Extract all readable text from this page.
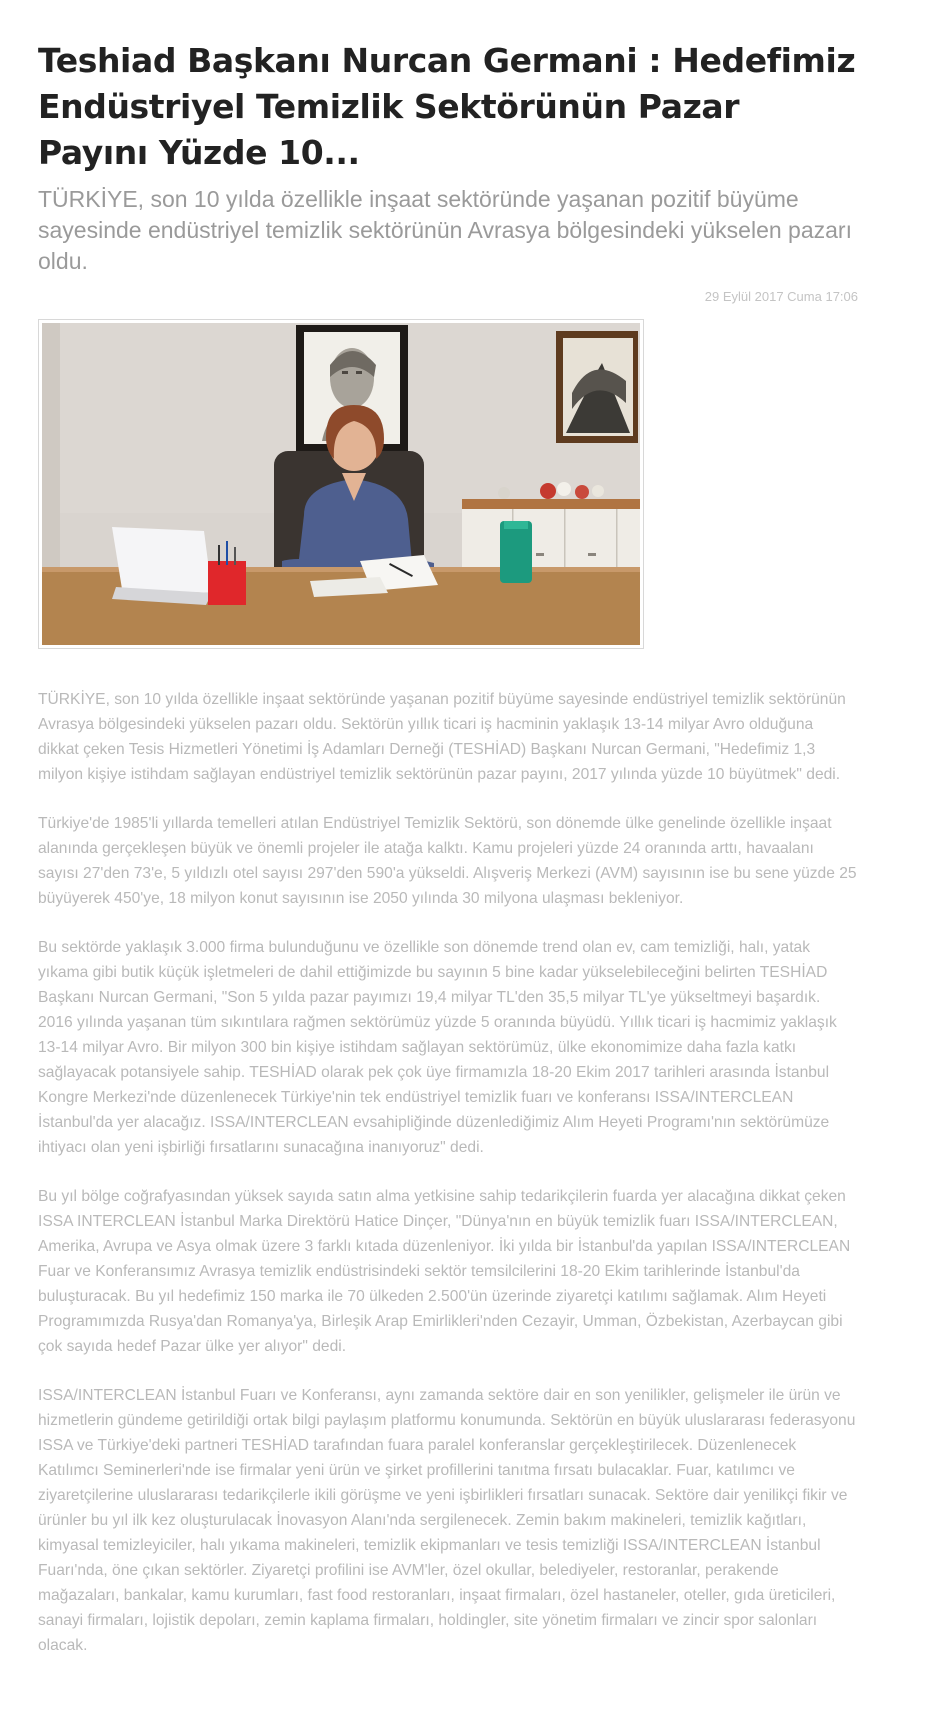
Teshiad Başkanı Nurcan Germani : Hedefimiz Endüstriyel Temizlik Sektörünün Pazar Payını Yüzde 10...

TÜRKİYE, son 10 yılda özellikle inşaat sektöründe yaşanan pozitif büyüme sayesinde endüstriyel temizlik sektörünün Avrasya bölgesindeki yükselen pazarı oldu.

29 Eylül 2017 Cuma 17:06

TÜRKİYE, son 10 yılda özellikle inşaat sektöründe yaşanan pozitif büyüme sayesinde endüstriyel temizlik sektörünün Avrasya bölgesindeki yükselen pazarı oldu. Sektörün yıllık ticari iş hacminin yaklaşık 13-14 milyar Avro olduğuna dikkat çeken Tesis Hizmetleri Yönetimi İş Adamları Derneği (TESHİAD) Başkanı Nurcan Germani, "Hedefimiz 1,3 milyon kişiye istihdam sağlayan endüstriyel temizlik sektörünün pazar payını, 2017 yılında yüzde 10 büyütmek" dedi.

Türkiye'de 1985'li yıllarda temelleri atılan Endüstriyel Temizlik Sektörü, son dönemde ülke genelinde özellikle inşaat alanında gerçekleşen büyük ve önemli projeler ile atağa kalktı. Kamu projeleri yüzde 24 oranında arttı, havaalanı sayısı 27'den 73'e, 5 yıldızlı otel sayısı 297'den 590'a yükseldi. Alışveriş Merkezi (AVM) sayısının ise bu sene yüzde 25 büyüyerek 450'ye, 18 milyon konut sayısının ise 2050 yılında 30 milyona ulaşması bekleniyor.

Bu sektörde yaklaşık 3.000 firma bulunduğunu ve özellikle son dönemde trend olan ev, cam temizliği, halı, yatak yıkama gibi butik küçük işletmeleri de dahil ettiğimizde bu sayının 5 bine kadar yükselebileceğini belirten TESHİAD Başkanı Nurcan Germani, "Son 5 yılda pazar payımızı 19,4 milyar TL'den 35,5 milyar TL'ye yükseltmeyi başardık. 2016 yılında yaşanan tüm sıkıntılara rağmen sektörümüz yüzde 5 oranında büyüdü. Yıllık ticari iş hacmimiz yaklaşık 13-14 milyar Avro. Bir milyon 300 bin kişiye istihdam sağlayan sektörümüz, ülke ekonomimize daha fazla katkı sağlayacak potansiyele sahip. TESHİAD olarak pek çok üye firmamızla 18-20 Ekim 2017 tarihleri arasında İstanbul Kongre Merkezi'nde düzenlenecek Türkiye'nin tek endüstriyel temizlik fuarı ve konferansı ISSA/INTERCLEAN İstanbul'da yer alacağız. ISSA/INTERCLEAN evsahipliğinde düzenlediğimiz Alım Heyeti Programı'nın sektörümüze ihtiyacı olan yeni işbirliği fırsatlarını sunacağına inanıyoruz" dedi.

Bu yıl bölge coğrafyasından yüksek sayıda satın alma yetkisine sahip tedarikçilerin fuarda yer alacağına dikkat çeken ISSA INTERCLEAN İstanbul Marka Direktörü Hatice Dinçer, "Dünya'nın en büyük temizlik fuarı ISSA/INTERCLEAN, Amerika, Avrupa ve Asya olmak üzere 3 farklı kıtada düzenleniyor. İki yılda bir İstanbul'da yapılan ISSA/INTERCLEAN Fuar ve Konferansımız Avrasya temizlik endüstrisindeki sektör temsilcilerini 18-20 Ekim tarihlerinde İstanbul'da buluşturacak. Bu yıl hedefimiz 150 marka ile 70 ülkeden 2.500'ün üzerinde ziyaretçi katılımı sağlamak. Alım Heyeti Programımızda Rusya'dan Romanya'ya, Birleşik Arap Emirlikleri'nden Cezayir, Umman, Özbekistan, Azerbaycan gibi çok sayıda hedef Pazar ülke yer alıyor" dedi.

ISSA/INTERCLEAN İstanbul Fuarı ve Konferansı, aynı zamanda sektöre dair en son yenilikler, gelişmeler ile ürün ve hizmetlerin gündeme getirildiği ortak bilgi paylaşım platformu konumunda. Sektörün en büyük uluslararası federasyonu ISSA ve Türkiye'deki partneri TESHİAD tarafından fuara paralel konferanslar gerçekleştirilecek. Düzenlenecek Katılımcı Seminerleri'nde ise firmalar yeni ürün ve şirket profillerini tanıtma fırsatı bulacaklar. Fuar, katılımcı ve ziyaretçilerine uluslararası tedarikçilerle ikili görüşme ve yeni işbirlikleri fırsatları sunacak. Sektöre dair yenilikçi fikir ve ürünler bu yıl ilk kez oluşturulacak İnovasyon Alanı'nda sergilenecek. Zemin bakım makineleri, temizlik kağıtları, kimyasal temizleyiciler, halı yıkama makineleri, temizlik ekipmanları ve tesis temizliği ISSA/INTERCLEAN İstanbul Fuarı'nda, öne çıkan sektörler. Ziyaretçi profilini ise AVM'ler, özel okullar, belediyeler, restoranlar, perakende mağazaları, bankalar, kamu kurumları, fast food restoranları, inşaat firmaları, özel hastaneler, oteller, gıda üreticileri, sanayi firmaları, lojistik depoları, zemin kaplama firmaları, holdingler, site yönetim firmaları ve zincir spor salonları olacak.
